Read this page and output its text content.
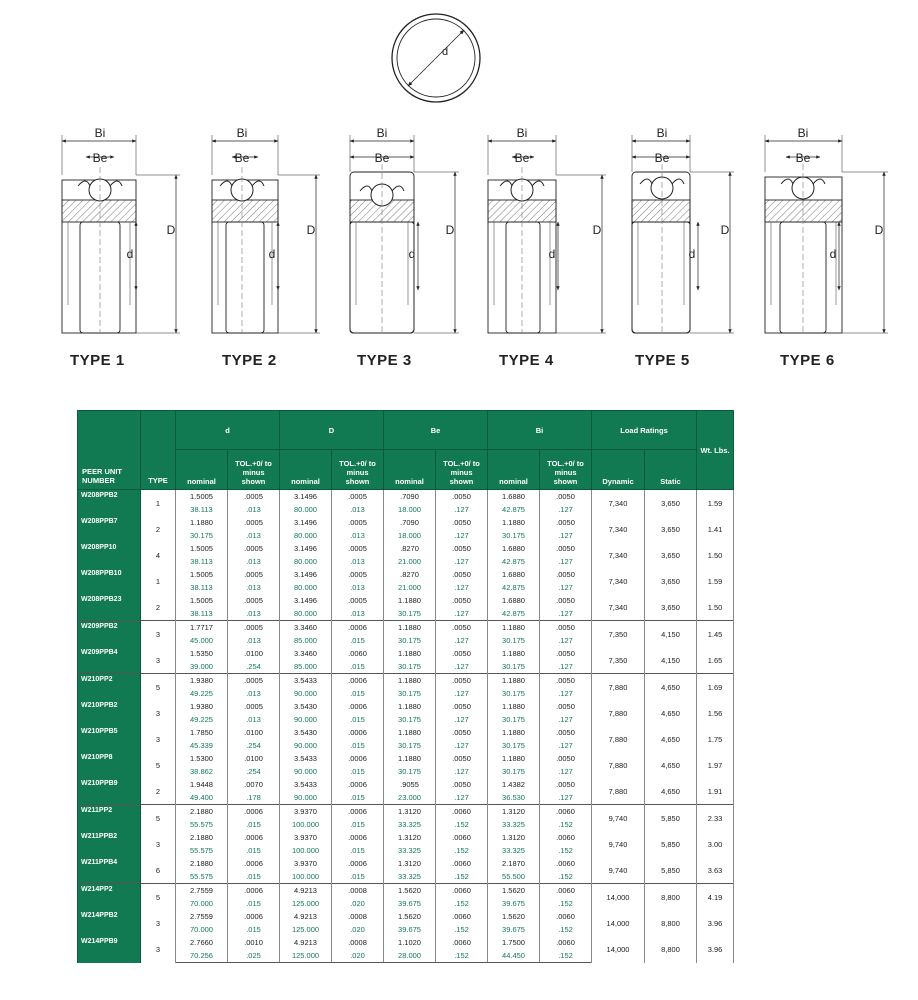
d
Bi
Be
D
d
Bi
Be
D
d
Bi
Be
D
d
Bi
Be
D
d
Bi
Be
D
d
Bi
Be
D
d
TYPE 1	TYPE 2	TYPE 3	TYPE 4	TYPE 5	TYPE 6
PEER UNIT NUMBER	TYPE	d		D		Be		Bi		Load Ratings		Wt. Lbs.
		nominal	TOL.+0/ to minus shown	nominal	TOL.+0/ to minus shown	nominal	TOL.+0/ to minus shown	nominal	TOL.+0/ to minus shown	Dynamic	Static	
W208PPB2	1	1.5005	.0005	3.1496	.0005	.7090	.0050	1.6880	.0050	7,340	3,650	1.59
		38.113	.013	80.000	.013	18.000	.127	42.875	.127			
W208PPB7	2	1.1880	.0005	3.1496	.0005	.7090	.0050	1.1880	.0050	7,340	3,650	1.41
		30.175	.013	80.000	.013	18.000	.127	30.175	.127			
W208PP10	4	1.5005	.0005	3.1496	.0005	.8270	.0050	1.6880	.0050	7,340	3,650	1.50
		38.113	.013	80.000	.013	21.000	.127	42.875	.127			
W208PPB10	1	1.5005	.0005	3.1496	.0005	.8270	.0050	1.6880	.0050	7,340	3,650	1.59
		38.113	.013	80.000	.013	21.000	.127	42.875	.127			
W208PPB23	2	1.5005	.0005	3.1496	.0005	1.1880	.0050	1.6880	.0050	7,340	3,650	1.50
		38.113	.013	80.000	.013	30.175	.127	42.875	.127			
W209PPB2	3	1.7717	.0005	3.3460	.0006	1.1880	.0050	1.1880	.0050	7,350	4,150	1.45
		45.000	.013	85.000	.015	30.175	.127	30.175	.127			
W209PPB4	3	1.5350	.0100	3.3460	.0060	1.1880	.0050	1.1880	.0050	7,350	4,150	1.65
		39.000	.254	85.000	.015	30.175	.127	30.175	.127			
W210PP2	5	1.9380	.0005	3.5433	.0006	1.1880	.0050	1.1880	.0050	7,880	4,650	1.69
		49.225	.013	90.000	.015	30.175	.127	30.175	.127			
W210PPB2	3	1.9380	.0005	3.5430	.0006	1.1880	.0050	1.1880	.0050	7,880	4,650	1.56
		49.225	.013	90.000	.015	30.175	.127	30.175	.127			
W210PPB5	3	1.7850	.0100	3.5430	.0006	1.1880	.0050	1.1880	.0050	7,880	4,650	1.75
		45.339	.254	90.000	.015	30.175	.127	30.175	.127			
W210PP8	5	1.5300	.0100	3.5433	.0006	1.1880	.0050	1.1880	.0050	7,880	4,650	1.97
		38.862	.254	90.000	.015	30.175	.127	30.175	.127			
W210PPB9	2	1.9448	.0070	3.5433	.0006	.9055	.0050	1.4382	.0050	7,880	4,650	1.91
		49.400	.178	90.000	.015	23.000	.127	36.530	.127			
W211PP2	5	2.1880	.0006	3.9370	.0006	1.3120	.0060	1.3120	.0060	9,740	5,850	2.33
		55.575	.015	100.000	.015	33.325	.152	33.325	.152			
W211PPB2	3	2.1880	.0006	3.9370	.0006	1.3120	.0060	1.3120	.0060	9,740	5,850	3.00
		55.575	.015	100.000	.015	33.325	.152	33.325	.152			
W211PPB4	6	2.1880	.0006	3.9370	.0006	1.3120	.0060	2.1870	.0060	9,740	5,850	3.63
		55.575	.015	100.000	.015	33.325	.152	55.500	.152			
W214PP2	5	2.7559	.0006	4.9213	.0008	1.5620	.0060	1.5620	.0060	14,000	8,800	4.19
		70.000	.015	125.000	.020	39.675	.152	39.675	.152			
W214PPB2	3	2.7559	.0006	4.9213	.0008	1.5620	.0060	1.5620	.0060	14,000	8,800	3.96
		70.000	.015	125.000	.020	39.675	.152	39.675	.152			
W214PPB9	3	2.7660	.0010	4.9213	.0008	1.1020	.0060	1.7500	.0060	14,000	8,800	3.96
		70.256	.025	125.000	.020	28.000	.152	44.450	.152			
